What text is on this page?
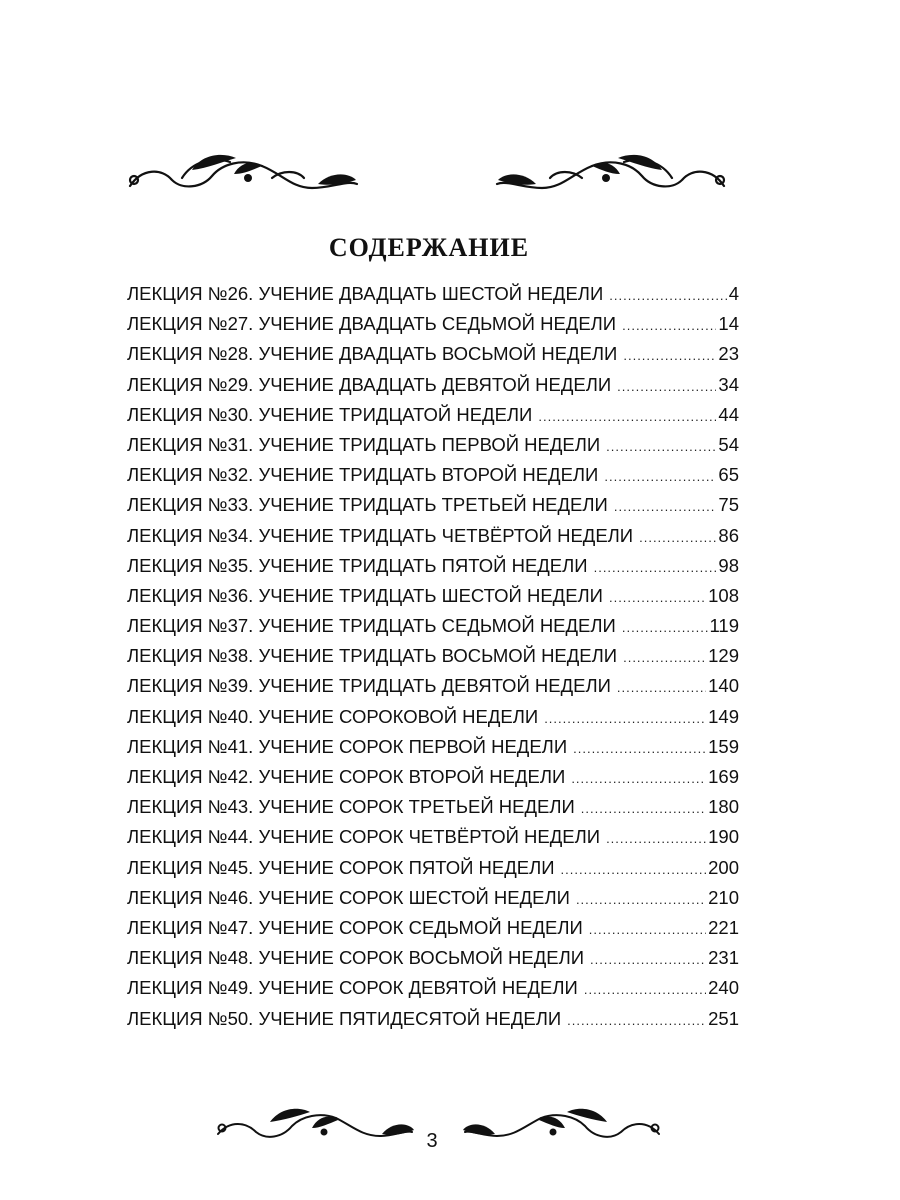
СОДЕРЖАНИЕ
ЛЕКЦИЯ №26. УЧЕНИЕ ДВАДЦАТЬ ШЕСТОЙ НЕДЕЛИ .....	4
ЛЕКЦИЯ №27. УЧЕНИЕ ДВАДЦАТЬ СЕДЬМОЙ НЕДЕЛИ .....	14
ЛЕКЦИЯ №28. УЧЕНИЕ ДВАДЦАТЬ ВОСЬМОЙ НЕДЕЛИ .....	23
ЛЕКЦИЯ №29. УЧЕНИЕ ДВАДЦАТЬ ДЕВЯТОЙ НЕДЕЛИ .....	34
ЛЕКЦИЯ №30. УЧЕНИЕ ТРИДЦАТОЙ НЕДЕЛИ .....	44
ЛЕКЦИЯ №31. УЧЕНИЕ ТРИДЦАТЬ ПЕРВОЙ НЕДЕЛИ .....	54
ЛЕКЦИЯ №32. УЧЕНИЕ ТРИДЦАТЬ ВТОРОЙ НЕДЕЛИ .....	65
ЛЕКЦИЯ №33. УЧЕНИЕ ТРИДЦАТЬ ТРЕТЬЕЙ НЕДЕЛИ .....	75
ЛЕКЦИЯ №34. УЧЕНИЕ ТРИДЦАТЬ ЧЕТВЁРТОЙ НЕДЕЛИ .....	86
ЛЕКЦИЯ №35. УЧЕНИЕ ТРИДЦАТЬ ПЯТОЙ НЕДЕЛИ .....	98
ЛЕКЦИЯ №36. УЧЕНИЕ ТРИДЦАТЬ ШЕСТОЙ НЕДЕЛИ .....	108
ЛЕКЦИЯ №37. УЧЕНИЕ ТРИДЦАТЬ СЕДЬМОЙ НЕДЕЛИ .....	119
ЛЕКЦИЯ №38. УЧЕНИЕ ТРИДЦАТЬ ВОСЬМОЙ НЕДЕЛИ .....	129
ЛЕКЦИЯ №39. УЧЕНИЕ ТРИДЦАТЬ ДЕВЯТОЙ НЕДЕЛИ .....	140
ЛЕКЦИЯ №40. УЧЕНИЕ СОРОКОВОЙ НЕДЕЛИ .....	149
ЛЕКЦИЯ №41. УЧЕНИЕ СОРОК ПЕРВОЙ НЕДЕЛИ .....	159
ЛЕКЦИЯ №42. УЧЕНИЕ СОРОК ВТОРОЙ НЕДЕЛИ .....	169
ЛЕКЦИЯ №43. УЧЕНИЕ СОРОК ТРЕТЬЕЙ НЕДЕЛИ .....	180
ЛЕКЦИЯ №44. УЧЕНИЕ СОРОК ЧЕТВЁРТОЙ НЕДЕЛИ .....	190
ЛЕКЦИЯ №45. УЧЕНИЕ СОРОК ПЯТОЙ НЕДЕЛИ .....	200
ЛЕКЦИЯ №46. УЧЕНИЕ СОРОК ШЕСТОЙ НЕДЕЛИ .....	210
ЛЕКЦИЯ №47. УЧЕНИЕ СОРОК СЕДЬМОЙ НЕДЕЛИ .....	221
ЛЕКЦИЯ №48. УЧЕНИЕ СОРОК ВОСЬМОЙ НЕДЕЛИ .....	231
ЛЕКЦИЯ №49. УЧЕНИЕ СОРОК ДЕВЯТОЙ НЕДЕЛИ .....	240
ЛЕКЦИЯ №50. УЧЕНИЕ ПЯТИДЕСЯТОЙ НЕДЕЛИ .....	251
3
